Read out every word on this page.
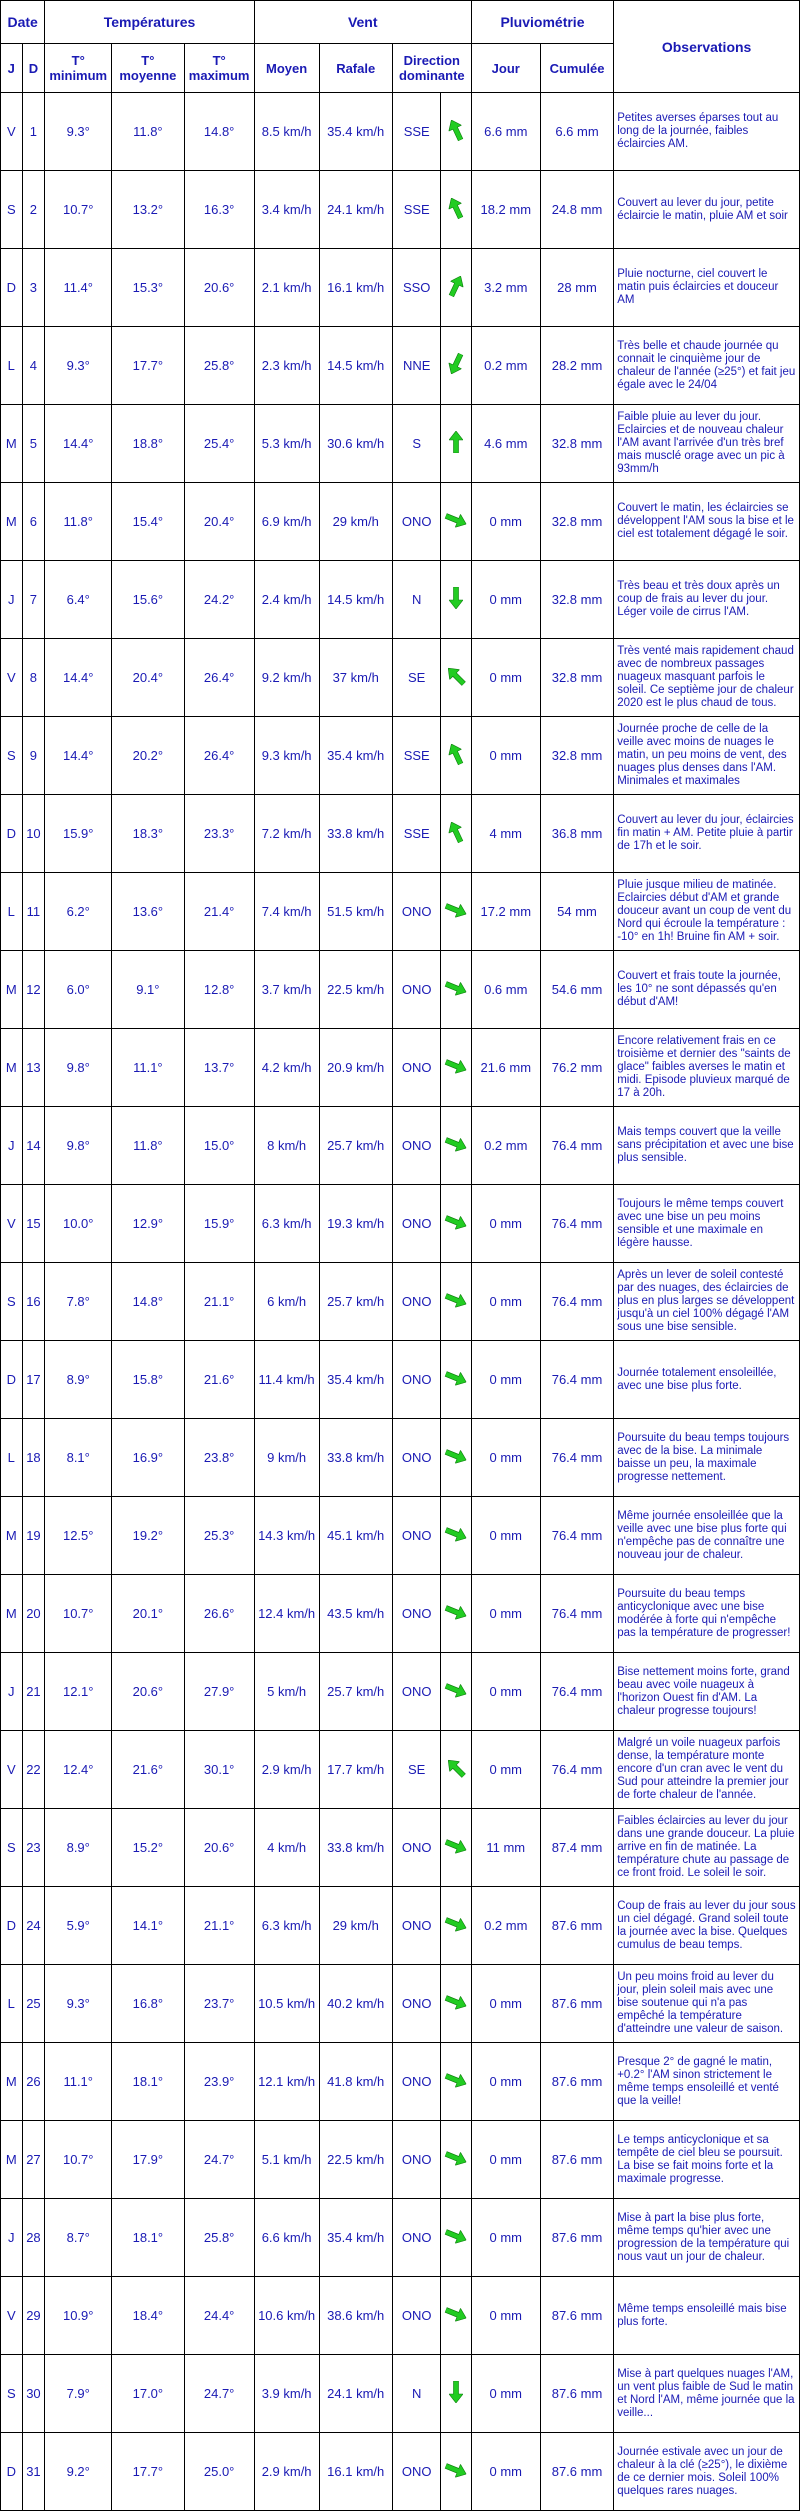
Date		Températures			Vent				Pluviométrie		Observations
J	D	T° minimum	T° moyenne	T° maximum	Moyen	Rafale	Direction dominante		Jour	Cumulée	
V	1	9.3°	11.8°	14.8°	8.5 km/h	35.4 km/h	SSE		6.6 mm	6.6 mm	Petites averses éparses tout au long de la journée, faibles éclaircies AM.
S	2	10.7°	13.2°	16.3°	3.4 km/h	24.1 km/h	SSE		18.2 mm	24.8 mm	Couvert au lever du jour, petite éclaircie le matin, pluie AM et soir
D	3	11.4°	15.3°	20.6°	2.1 km/h	16.1 km/h	SSO		3.2 mm	28 mm	Pluie nocturne, ciel couvert le matin puis éclaircies et douceur AM
L	4	9.3°	17.7°	25.8°	2.3 km/h	14.5 km/h	NNE		0.2 mm	28.2 mm	Très belle et chaude journée qu connait le cinquième jour de chaleur de l'année (≥25°) et fait jeu égale avec le 24/04
M	5	14.4°	18.8°	25.4°	5.3 km/h	30.6 km/h	S		4.6 mm	32.8 mm	Faible pluie au lever du jour. Eclaircies et de nouveau chaleur l'AM avant l'arrivée d'un très bref mais musclé orage avec un pic à 93mm/h
M	6	11.8°	15.4°	20.4°	6.9 km/h	29 km/h	ONO		0 mm	32.8 mm	Couvert le matin, les éclaircies se développent l'AM sous la bise et le ciel est totalement dégagé le soir.
J	7	6.4°	15.6°	24.2°	2.4 km/h	14.5 km/h	N		0 mm	32.8 mm	Très beau et très doux après un coup de frais au lever du jour. Léger voile de cirrus l'AM.
V	8	14.4°	20.4°	26.4°	9.2 km/h	37 km/h	SE		0 mm	32.8 mm	Très venté mais rapidement chaud avec de nombreux passages nuageux masquant parfois le soleil. Ce septième jour de chaleur 2020 est le plus chaud de tous.
S	9	14.4°	20.2°	26.4°	9.3 km/h	35.4 km/h	SSE		0 mm	32.8 mm	Journée proche de celle de la veille avec moins de nuages le matin, un peu moins de vent, des nuages plus denses dans l'AM. Minimales et maximales
D	10	15.9°	18.3°	23.3°	7.2 km/h	33.8 km/h	SSE		4 mm	36.8 mm	Couvert au lever du jour, éclaircies fin matin + AM. Petite pluie à partir de 17h et le soir.
L	11	6.2°	13.6°	21.4°	7.4 km/h	51.5 km/h	ONO		17.2 mm	54 mm	Pluie jusque milieu de matinée. Eclaircies début d'AM et grande douceur avant un coup de vent du Nord qui écroule la température : -10° en 1h! Bruine fin AM + soir.
M	12	6.0°	9.1°	12.8°	3.7 km/h	22.5 km/h	ONO		0.6 mm	54.6 mm	Couvert et frais toute la journée, les 10° ne sont dépassés qu'en début d'AM!
M	13	9.8°	11.1°	13.7°	4.2 km/h	20.9 km/h	ONO		21.6 mm	76.2 mm	Encore relativement frais en ce troisième et dernier des "saints de glace" faibles averses le matin et midi. Episode pluvieux marqué de 17 à 20h.
J	14	9.8°	11.8°	15.0°	8 km/h	25.7 km/h	ONO		0.2 mm	76.4 mm	Mais temps couvert que la veille sans précipitation et avec une bise plus sensible.
V	15	10.0°	12.9°	15.9°	6.3 km/h	19.3 km/h	ONO		0 mm	76.4 mm	Toujours le même temps couvert avec une bise un peu moins sensible et une maximale en légère hausse.
S	16	7.8°	14.8°	21.1°	6 km/h	25.7 km/h	ONO		0 mm	76.4 mm	Après un lever de soleil contesté par des nuages, des éclaircies de plus en plus larges se développent jusqu'à un ciel 100% dégagé l'AM sous une bise sensible.
D	17	8.9°	15.8°	21.6°	11.4 km/h	35.4 km/h	ONO		0 mm	76.4 mm	Journée totalement ensoleillée, avec une bise plus forte.
L	18	8.1°	16.9°	23.8°	9 km/h	33.8 km/h	ONO		0 mm	76.4 mm	Poursuite du beau temps toujours avec de la bise. La minimale baisse un peu, la maximale progresse nettement.
M	19	12.5°	19.2°	25.3°	14.3 km/h	45.1 km/h	ONO		0 mm	76.4 mm	Même journée ensoleillée que la veille avec une bise plus forte qui n'empêche pas de connaître une nouveau jour de chaleur.
M	20	10.7°	20.1°	26.6°	12.4 km/h	43.5 km/h	ONO		0 mm	76.4 mm	Poursuite du beau temps anticyclonique avec une bise modérée à forte qui n'empêche pas la température de progresser!
J	21	12.1°	20.6°	27.9°	5 km/h	25.7 km/h	ONO		0 mm	76.4 mm	Bise nettement moins forte, grand beau avec voile nuageux à l'horizon Ouest fin d'AM. La chaleur progresse toujours!
V	22	12.4°	21.6°	30.1°	2.9 km/h	17.7 km/h	SE		0 mm	76.4 mm	Malgré un voile nuageux parfois dense, la température monte encore d'un cran avec le vent du Sud pour atteindre la premier jour de forte chaleur de l'année.
S	23	8.9°	15.2°	20.6°	4 km/h	33.8 km/h	ONO		11 mm	87.4 mm	Faibles éclaircies au lever du jour dans une grande douceur. La pluie arrive en fin de matinée. La température chute au passage de ce front froid. Le soleil le soir.
D	24	5.9°	14.1°	21.1°	6.3 km/h	29 km/h	ONO		0.2 mm	87.6 mm	Coup de frais au lever du jour sous un ciel dégagé. Grand soleil toute la journée avec la bise. Quelques cumulus de beau temps.
L	25	9.3°	16.8°	23.7°	10.5 km/h	40.2 km/h	ONO		0 mm	87.6 mm	Un peu moins froid au lever du jour, plein soleil mais avec une bise soutenue qui n'a pas empêché la température d'atteindre une valeur de saison.
M	26	11.1°	18.1°	23.9°	12.1 km/h	41.8 km/h	ONO		0 mm	87.6 mm	Presque 2° de gagné le matin, +0.2° l'AM sinon strictement le même temps ensoleillé et venté que la veille!
M	27	10.7°	17.9°	24.7°	5.1 km/h	22.5 km/h	ONO		0 mm	87.6 mm	Le temps anticyclonique et sa tempête de ciel bleu se poursuit. La bise se fait moins forte et la maximale progresse.
J	28	8.7°	18.1°	25.8°	6.6 km/h	35.4 km/h	ONO		0 mm	87.6 mm	Mise à part la bise plus forte, même temps qu'hier avec une progression de la température qui nous vaut un jour de chaleur.
V	29	10.9°	18.4°	24.4°	10.6 km/h	38.6 km/h	ONO		0 mm	87.6 mm	Même temps ensoleillé mais bise plus forte.
S	30	7.9°	17.0°	24.7°	3.9 km/h	24.1 km/h	N		0 mm	87.6 mm	Mise à part quelques nuages l'AM, un vent plus faible de Sud le matin et Nord l'AM, même journée que la veille...
D	31	9.2°	17.7°	25.0°	2.9 km/h	16.1 km/h	ONO		0 mm	87.6 mm	Journée estivale avec un jour de chaleur à la clé (≥25°), le dixième de ce dernier mois. Soleil 100% quelques rares nuages.
